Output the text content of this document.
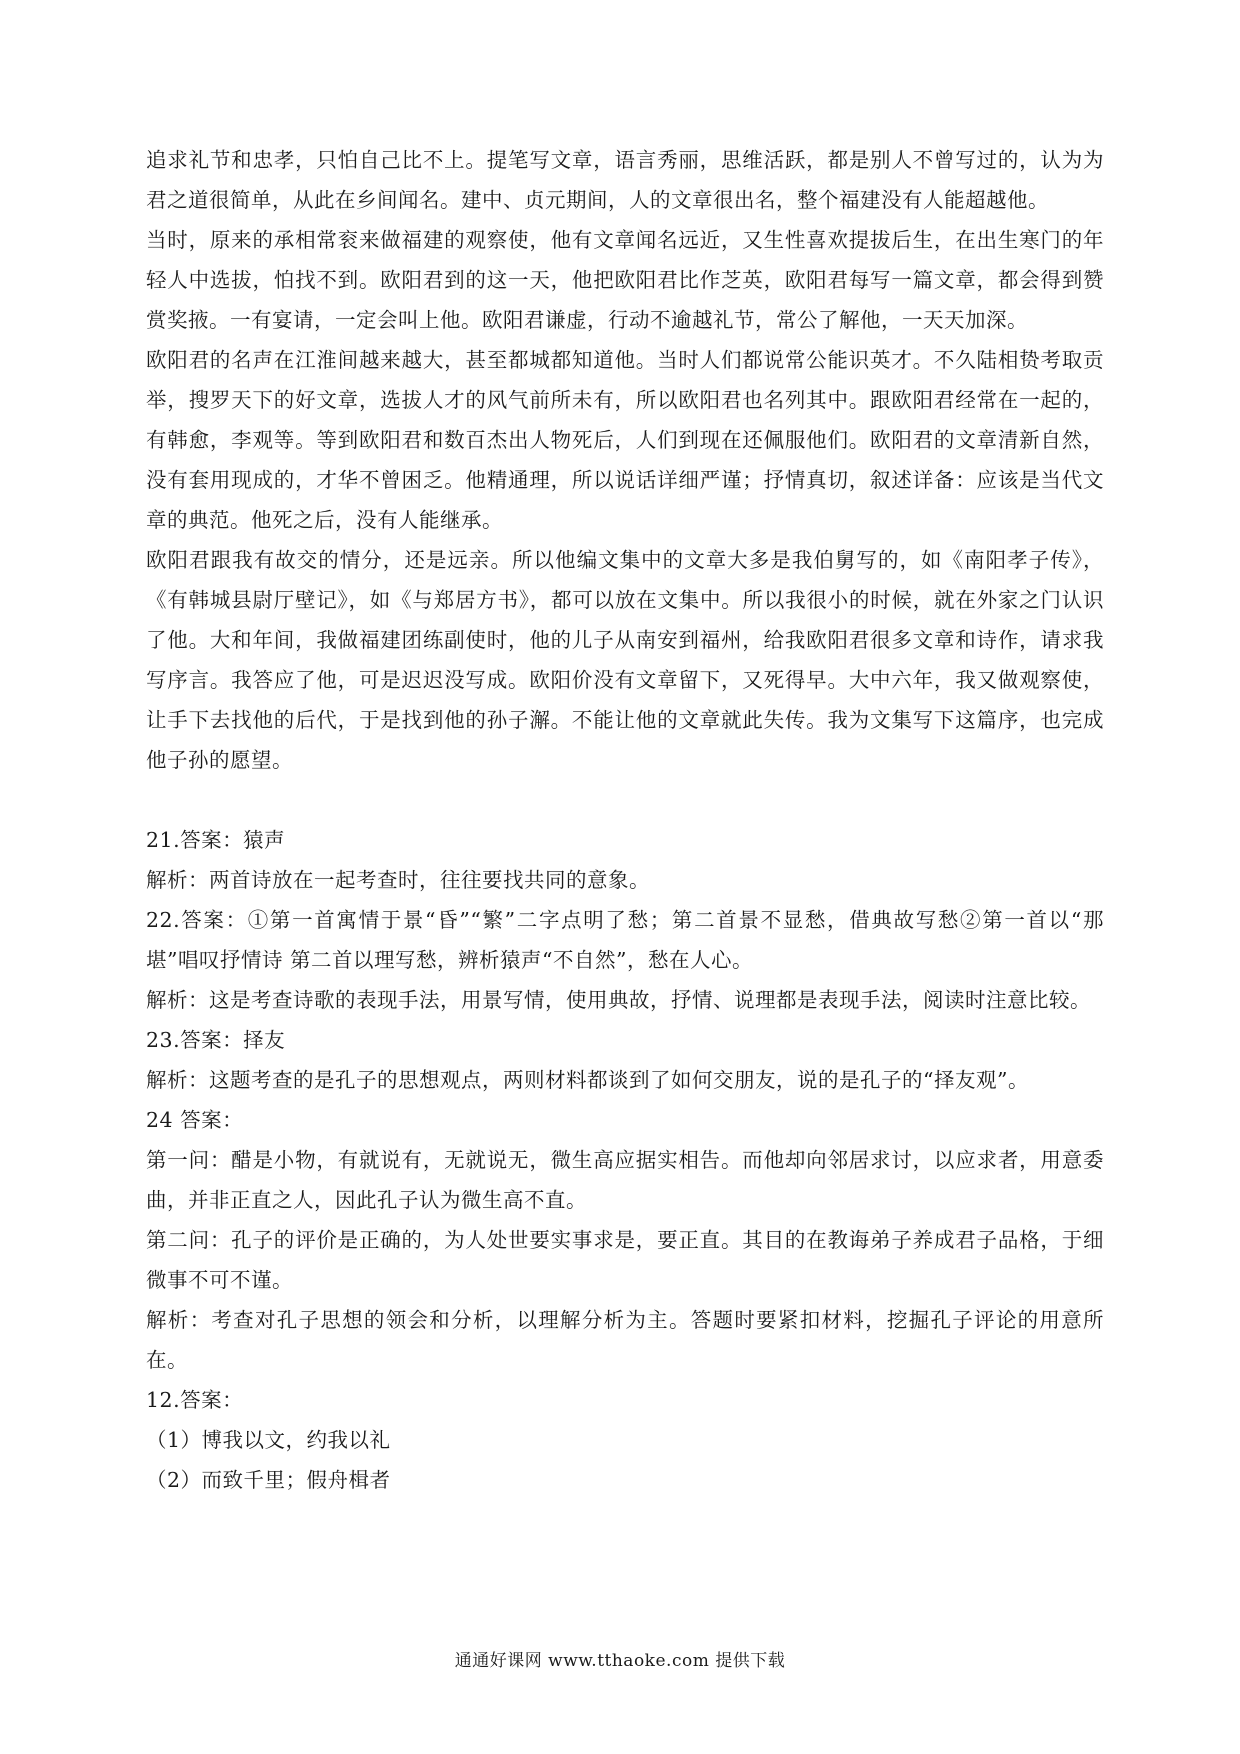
追求礼节和忠孝，只怕自己比不上。提笔写文章，语言秀丽，思维活跃，都是别人不曾写过的，认为为君之道很简单，从此在乡间闻名。建中、贞元期间，人的文章很出名，整个福建没有人能超越他。

当时，原来的承相常衮来做福建的观察使，他有文章闻名远近，又生性喜欢提拔后生，在出生寒门的年轻人中选拔，怕找不到。欧阳君到的这一天，他把欧阳君比作芝英，欧阳君每写一篇文章，都会得到赞赏奖掖。一有宴请，一定会叫上他。欧阳君谦虚，行动不逾越礼节，常公了解他，一天天加深。

欧阳君的名声在江淮间越来越大，甚至都城都知道他。当时人们都说常公能识英才。不久陆相贽考取贡举，搜罗天下的好文章，选拔人才的风气前所未有，所以欧阳君也名列其中。跟欧阳君经常在一起的，有韩愈，李观等。等到欧阳君和数百杰出人物死后，人们到现在还佩服他们。欧阳君的文章清新自然，没有套用现成的，才华不曾困乏。他精通理，所以说话详细严谨；抒情真切，叙述详备：应该是当代文章的典范。他死之后，没有人能继承。

欧阳君跟我有故交的情分，还是远亲。所以他编文集中的文章大多是我伯舅写的，如《南阳孝子传》，《有韩城县尉厅壁记》，如《与郑居方书》，都可以放在文集中。所以我很小的时候，就在外家之门认识了他。大和年间，我做福建团练副使时，他的儿子从南安到福州，给我欧阳君很多文章和诗作，请求我写序言。我答应了他，可是迟迟没写成。欧阳价没有文章留下，又死得早。大中六年，我又做观察使，让手下去找他的后代，于是找到他的孙子澥。不能让他的文章就此失传。我为文集写下这篇序，也完成他子孙的愿望。

21.答案：猿声

解析：两首诗放在一起考查时，往往要找共同的意象。

22.答案：①第一首寓情于景“昏”“繁”二字点明了愁；第二首景不显愁，借典故写愁②第一首以“那堪”唱叹抒情诗 第二首以理写愁，辨析猿声“不自然”，愁在人心。

解析：这是考查诗歌的表现手法，用景写情，使用典故，抒情、说理都是表现手法，阅读时注意比较。

23.答案：择友

解析：这题考查的是孔子的思想观点，两则材料都谈到了如何交朋友，说的是孔子的“择友观”。

24 答案：

第一问：醋是小物，有就说有，无就说无，微生高应据实相告。而他却向邻居求讨，以应求者，用意委曲，并非正直之人，因此孔子认为微生高不直。

第二问：孔子的评价是正确的，为人处世要实事求是，要正直。其目的在教诲弟子养成君子品格，于细微事不可不谨。

解析：考查对孔子思想的领会和分析，以理解分析为主。答题时要紧扣材料，挖掘孔子评论的用意所在。

12.答案：

（1）博我以文，约我以礼

（2）而致千里；假舟楫者

通通好课网 www.tthaoke.com 提供下载
